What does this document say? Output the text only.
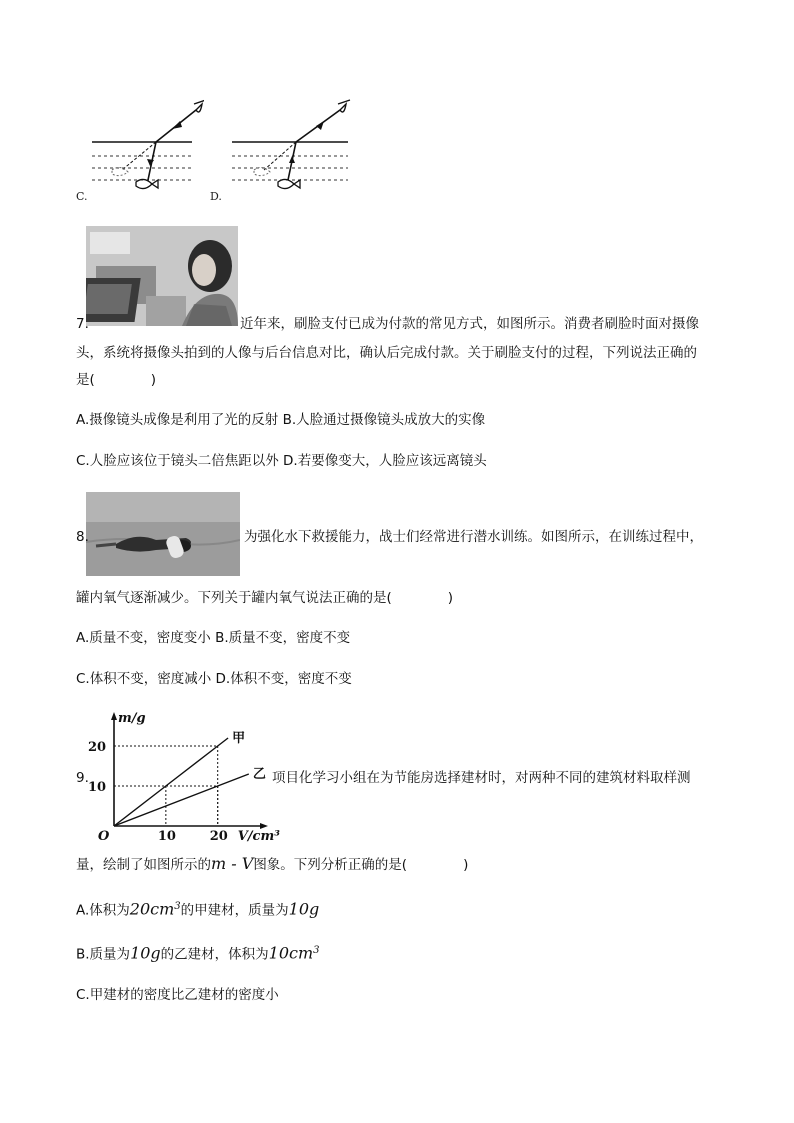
C.	D.
7.	近年来，刷脸支付已成为付款的常见方式，如图所示。消费者刷脸时面对摄像
头，系统将摄像头拍到的人像与后台信息对比，确认后完成付款。关于刷脸支付的过程，下列说法正确的
是(	)
A.摄像镜头成像是利用了光的反射 B.人脸通过摄像镜头成放大的实像
C.人脸应该位于镜头二倍焦距以外 D.若要像变大，人脸应该远离镜头
8.	为强化水下救援能力，战士们经常进行潜水训练。如图所示，在训练过程中，
罐内氧气逐渐减少。下列关于罐内氧气说法正确的是(	)
A.质量不变，密度变小 B.质量不变，密度不变
C.体积不变，密度减小 D.体积不变，密度不变
甲
乙
10	20
10
20
O
m/g
V/cm³
9.	项目化学习小组在为节能房选择建材时，对两种不同的建筑材料取样测
量，绘制了如图所示的m - V图象。下列分析正确的是(	)
A.体积为$20cm^3$的甲建材，质量为10g
B.质量为10g的乙建材，体积为$10cm^3$
C.甲建材的密度比乙建材的密度小
